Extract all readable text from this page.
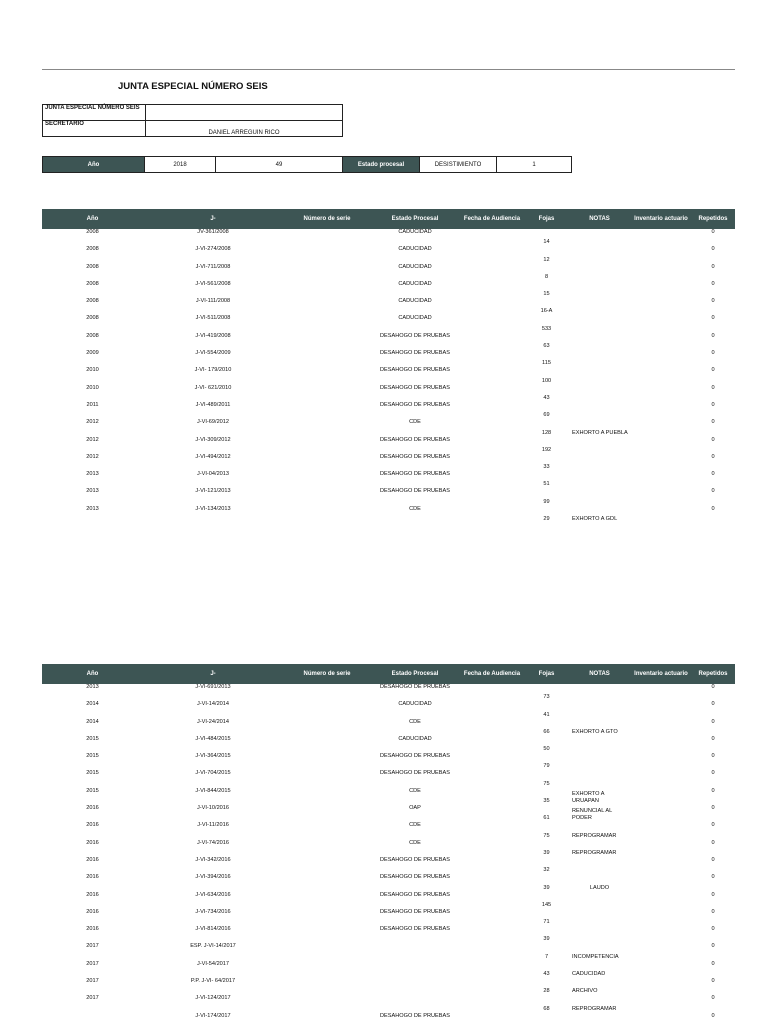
JUNTA ESPECIAL NÚMERO SEIS
JUNTA ESPECIAL NÚMERO SEIS	
SECRETARIO	DANIEL ARREGUIN RICO
Año	2018	49	Estado procesal	DESISTIMIENTO	1
Año	J-	Número de serie	Estado Procesal	Fecha de Audiencia	Fojas	NOTAS	Inventario actuario	Repetidos
2008	JV-361/2008		CADUCIDAD		14			0
2008	J-VI-274/2008		CADUCIDAD		12			0
2008	J-VI-711/2008		CADUCIDAD		8			0
2008	J-VI-561/2008		CADUCIDAD		15			0
2008	J-VI-111/2008		CADUCIDAD		16-A			0
2008	J-VI-511/2008		CADUCIDAD		533			0
2008	J-VI-419/2008		DESAHOGO DE PRUEBAS		63			0
2009	J-VI-554/2009		DESAHOGO DE PRUEBAS		115			0
2010	J-VI- 179/2010		DESAHOGO DE PRUEBAS		100			0
2010	J-VI- 621/2010		DESAHOGO DE PRUEBAS		43			0
2011	J-VI-489/2011		DESAHOGO DE PRUEBAS		69			0
2012	J-VI-69/2012		CDE		128	EXHORTO A PUEBLA		0
2012	J-VI-309/2012		DESAHOGO DE PRUEBAS		192			0
2012	J-VI-494/2012		DESAHOGO DE PRUEBAS		33			0
2013	J-VI-04/2013		DESAHOGO DE PRUEBAS		51			0
2013	J-VI-121/2013		DESAHOGO DE PRUEBAS		99			0
2013	J-VI-134/2013		CDE		29	EXHORTO A GDL		0
Año	J-	Número de serie	Estado Procesal	Fecha de Audiencia	Fojas	NOTAS	Inventario actuario	Repetidos
2013	J-VI-691/2013		DESAHOGO DE PRUEBAS		73			0
2014	J-VI-14/2014		CADUCIDAD		41			0
2014	J-VI-24/2014		CDE		66	EXHORTO A GTO		0
2015	J-VI-484/2015		CADUCIDAD		50			0
2015	J-VI-364/2015		DESAHOGO DE PRUEBAS		79			0
2015	J-VI-704/2015		DESAHOGO DE PRUEBAS		75			0
2015	J-VI-844/2015		CDE		35	EXHORTO A URUAPAN		0
2016	J-VI-10/2016		OAP		61	RENUNCIAL AL PODER		0
2016	J-VI-11/2016		CDE		75	REPROGRAMAR		0
2016	J-VI-74/2016		CDE		39	REPROGRAMAR		0
2016	J-VI-342/2016		DESAHOGO DE PRUEBAS		32			0
2016	J-VI-394/2016		DESAHOGO DE PRUEBAS		39	LAUDO		0
2016	J-VI-634/2016		DESAHOGO DE PRUEBAS		145			0
2016	J-VI-734/2016		DESAHOGO DE PRUEBAS		71			0
2016	J-VI-814/2016		DESAHOGO DE PRUEBAS		39			0
2017	ESP. J-VI-14/2017				7	INCOMPETENCIA		0
2017	J-VI-54/2017				43	CADUCIDAD		0
2017	P.P. J-VI- 64/2017				28	ARCHIVO		0
2017	J-VI-124/2017				68	REPROGRAMAR		0
	J-VI-174/2017		DESAHOGO DE PRUEBAS					0
